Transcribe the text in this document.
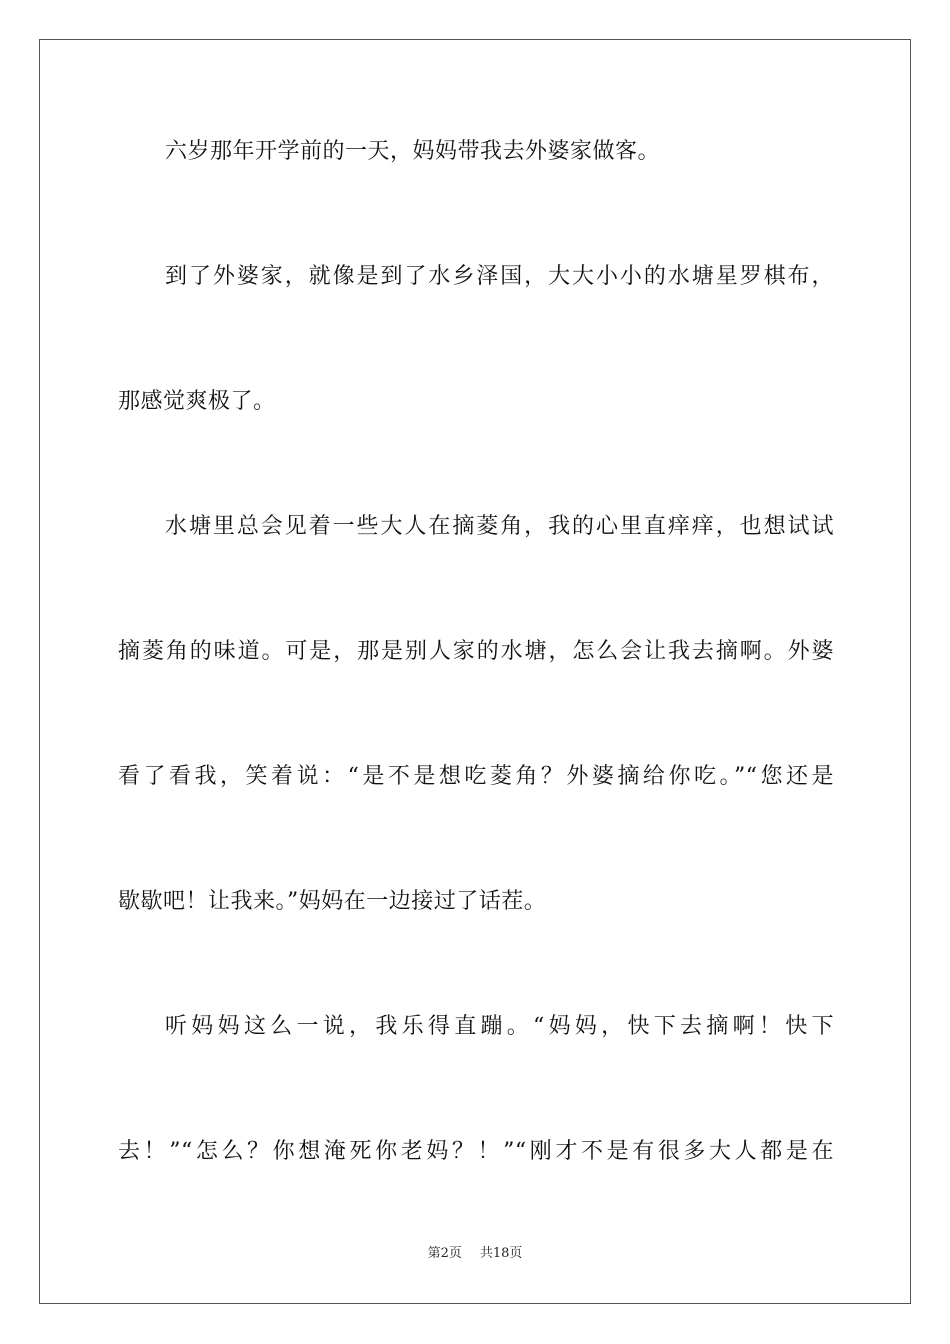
六岁那年开学前的一天，妈妈带我去外婆家做客。
到了外婆家，就像是到了水乡泽国，大大小小的水塘星罗棋布，
那感觉爽极了。
水塘里总会见着一些大人在摘菱角，我的心里直痒痒，也想试试
摘菱角的味道。可是，那是别人家的水塘，怎么会让我去摘啊。外婆
看了看我，笑着说：“是不是想吃菱角？外婆摘给你吃。”“您还是
歇歇吧！让我来。”妈妈在一边接过了话茬。
听妈妈这么一说，我乐得直蹦。“妈妈，快下去摘啊！快下
去！”“怎么？你想淹死你老妈？！”“刚才不是有很多大人都是在
第2页 共18页
